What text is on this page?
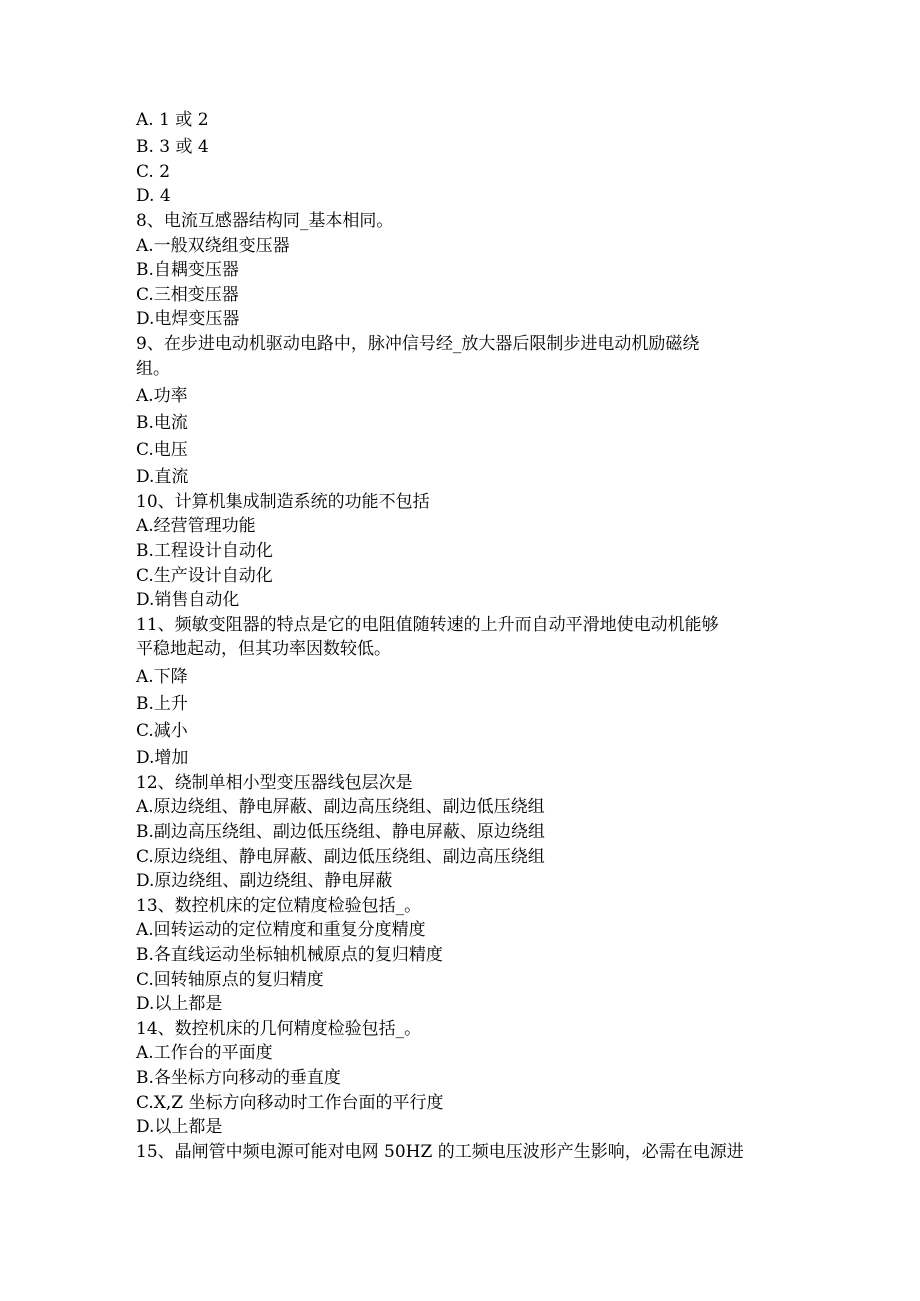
A. 1 或 2
B. 3 或 4
C. 2
D. 4
8、电流互感器结构同_基本相同。
A.一般双绕组变压器
B.自耦变压器
C.三相变压器
D.电焊变压器
9、在步进电动机驱动电路中，脉冲信号经_放大器后限制步进电动机励磁绕
组。
A.功率
B.电流
C.电压
D.直流
10、计算机集成制造系统的功能不包括
A.经营管理功能
B.工程设计自动化
C.生产设计自动化
D.销售自动化
11、频敏变阻器的特点是它的电阻值随转速的上升而自动平滑地使电动机能够
平稳地起动，但其功率因数较低。
A.下降
B.上升
C.减小
D.增加
12、绕制单相小型变压器线包层次是
A.原边绕组、静电屏蔽、副边高压绕组、副边低压绕组
B.副边高压绕组、副边低压绕组、静电屏蔽、原边绕组
C.原边绕组、静电屏蔽、副边低压绕组、副边高压绕组
D.原边绕组、副边绕组、静电屏蔽
13、数控机床的定位精度检验包括_。
A.回转运动的定位精度和重复分度精度
B.各直线运动坐标轴机械原点的复归精度
C.回转轴原点的复归精度
D.以上都是
14、数控机床的几何精度检验包括_。
A.工作台的平面度
B.各坐标方向移动的垂直度
C.X,Z 坐标方向移动时工作台面的平行度
D.以上都是
15、晶闸管中频电源可能对电网 50HZ 的工频电压波形产生影响，必需在电源进
